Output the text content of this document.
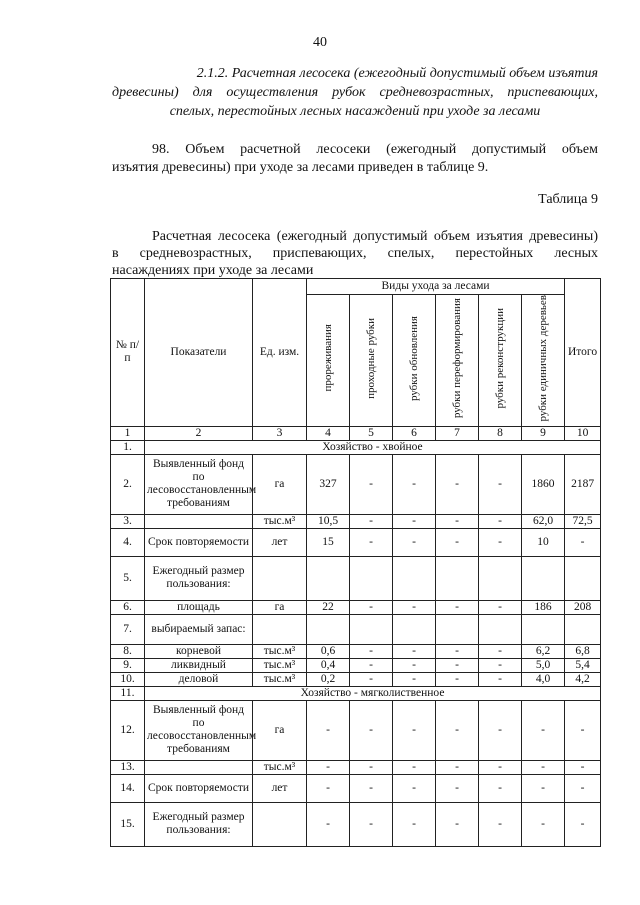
40
2.1.2. Расчетная лесосека (ежегодный допустимый объем изъятия
древесины) для осуществления рубок средневозрастных, приспевающих,
спелых, перестойных лесных насаждений при уходе за лесами
98. Объем расчетной лесосеки (ежегодный допустимый объем
изъятия древесины) при уходе за лесами приведен в таблице 9.
Таблица 9
Расчетная лесосека (ежегодный допустимый объем изъятия древесины)
в средневозрастных, приспевающих, спелых, перестойных лесных
насаждениях при уходе за лесами
№ п/п	Показатели	Ед. изм.	Виды ухода за лесами						Итого
			прореживания	проходные рубки	рубки обновления	рубки переформирования	рубки реконструкции	рубки единичных деревьев	
1	2	3	4	5	6	7	8	9	10
1.	Хозяйство - хвойное								
2.	Выявленный фонд по лесовосстановленным требованиям	га	327	-	-	-	-	1860	2187
3.		тыс.м³	10,5	-	-	-	-	62,0	72,5
4.	Срок повторяемости	лет	15	-	-	-	-	10	-
5.	Ежегодный размер пользования:								
6.	площадь	га	22	-	-	-	-	186	208
7.	выбираемый запас:								
8.	корневой	тыс.м³	0,6	-	-	-	-	6,2	6,8
9.	ликвидный	тыс.м³	0,4	-	-	-	-	5,0	5,4
10.	деловой	тыс.м³	0,2	-	-	-	-	4,0	4,2
11.	Хозяйство - мягколиственное								
12.	Выявленный фонд по лесовосстановленным требованиям	га	-	-	-	-	-	-	-
13.		тыс.м³	-	-	-	-	-	-	-
14.	Срок повторяемости	лет	-	-	-	-	-	-	-
15.	Ежегодный размер пользования:		-	-	-	-	-	-	-
